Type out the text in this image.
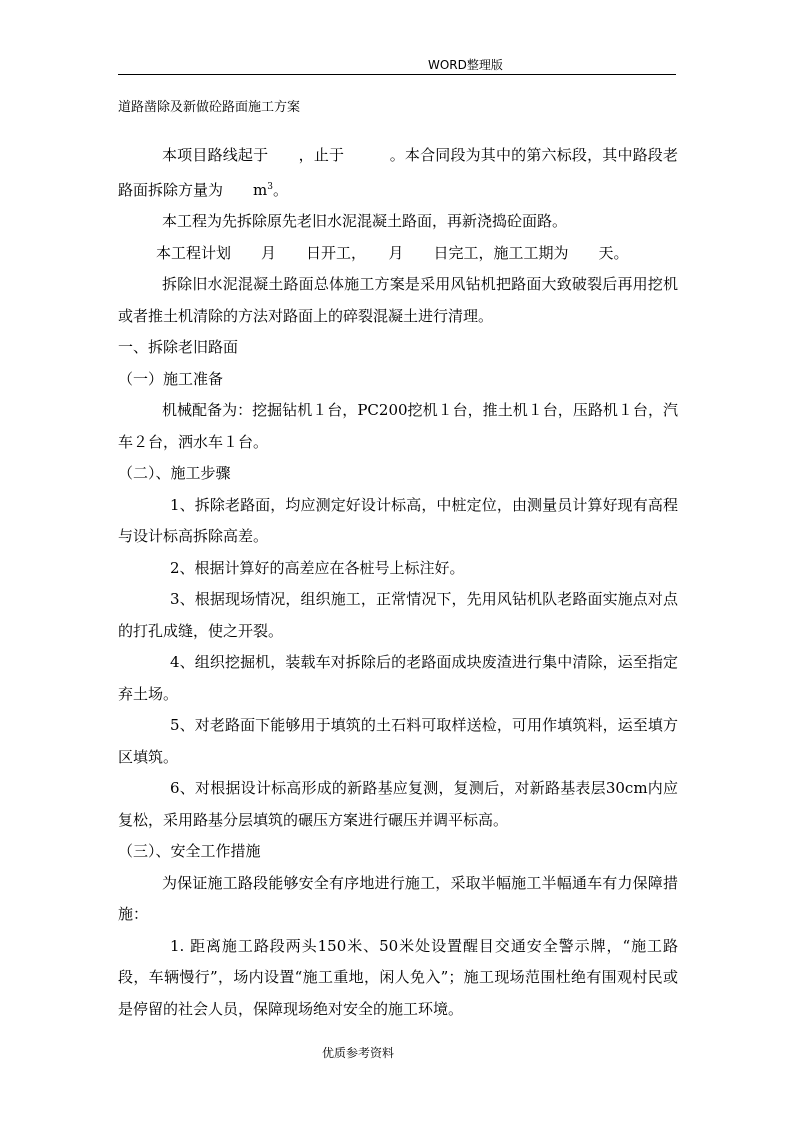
WORD整理版
道路凿除及新做砼路面施工方案

本项目路线起于　　，止于　　　。本合同段为其中的第六标段，其中路段老路面拆除方量为　　$m^3$。

本工程为先拆除原先老旧水泥混凝土路面，再新浇捣砼面路。

本工程计划　　月　　日开工，　　月　　日完工，施工工期为　　天。

拆除旧水泥混凝土路面总体施工方案是采用风钻机把路面大致破裂后再用挖机或者推土机清除的方法对路面上的碎裂混凝土进行清理。

一、拆除老旧路面

（一）施工准备

机械配备为：挖掘钻机１台，PC200挖机１台，推土机１台，压路机１台，汽车２台，洒水车１台。

（二）、施工步骤

1、拆除老路面，均应测定好设计标高，中桩定位，由测量员计算好现有高程与设计标高拆除高差。

2、根据计算好的高差应在各桩号上标注好。

3、根据现场情况，组织施工，正常情况下，先用风钻机队老路面实施点对点的打孔成缝，使之开裂。

4、组织挖掘机，装载车对拆除后的老路面成块废渣进行集中清除，运至指定弃土场。

5、对老路面下能够用于填筑的土石料可取样送检，可用作填筑料，运至填方区填筑。

6、对根据设计标高形成的新路基应复测，复测后，对新路基表层30cm内应复松，采用路基分层填筑的碾压方案进行碾压并调平标高。

（三）、安全工作措施

为保证施工路段能够安全有序地进行施工，采取半幅施工半幅通车有力保障措施：

1. 距离施工路段两头150米、50米处设置醒目交通安全警示牌，“施工路段，车辆慢行”，场内设置“施工重地，闲人免入”；施工现场范围杜绝有围观村民或是停留的社会人员，保障现场绝对安全的施工环境。

优质参考资料
